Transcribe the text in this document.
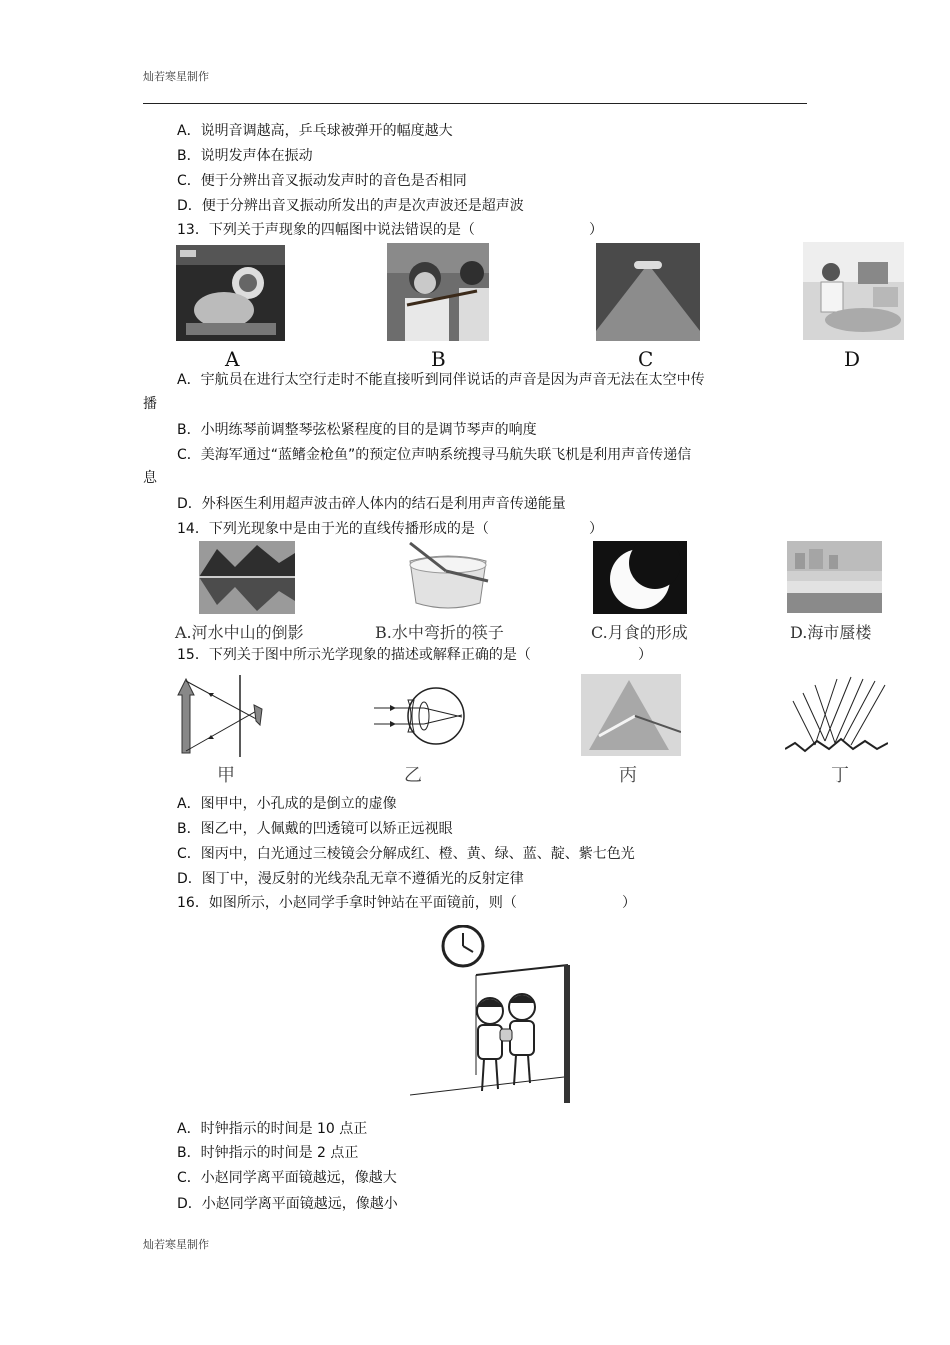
灿若寒星制作
A．说明音调越高，乒乓球被弹开的幅度越大
B．说明发声体在振动
C．便于分辨出音叉振动发声时的音色是否相同
D．便于分辨出音叉振动所发出的声是次声波还是超声波
13．下列关于声现象的四幅图中说法错误的是（	）
A	B	C	D
A．宇航员在进行太空行走时不能直接听到同伴说话的声音是因为声音无法在太空中传
播
B．小明练琴前调整琴弦松紧程度的目的是调节琴声的响度
C．美海军通过“蓝鳍金枪鱼”的预定位声呐系统搜寻马航失联飞机是利用声音传递信
息
D．外科医生利用超声波击碎人体内的结石是利用声音传递能量
14．下列光现象中是由于光的直线传播形成的是（	）
A.河水中山的倒影	B.水中弯折的筷子	C.月食的形成	D.海市蜃楼
15．下列关于图中所示光学现象的描述或解释正确的是（	）
甲	乙	丙	丁
A．图甲中，小孔成的是倒立的虚像
B．图乙中，人佩戴的凹透镜可以矫正远视眼
C．图丙中，白光通过三棱镜会分解成红、橙、黄、绿、蓝、靛、紫七色光
D．图丁中，漫反射的光线杂乱无章不遵循光的反射定律
16．如图所示，小赵同学手拿时钟站在平面镜前，则（	）
A．时钟指示的时间是 10 点正
B．时钟指示的时间是 2 点正
C．小赵同学离平面镜越远，像越大
D．小赵同学离平面镜越远，像越小
灿若寒星制作
